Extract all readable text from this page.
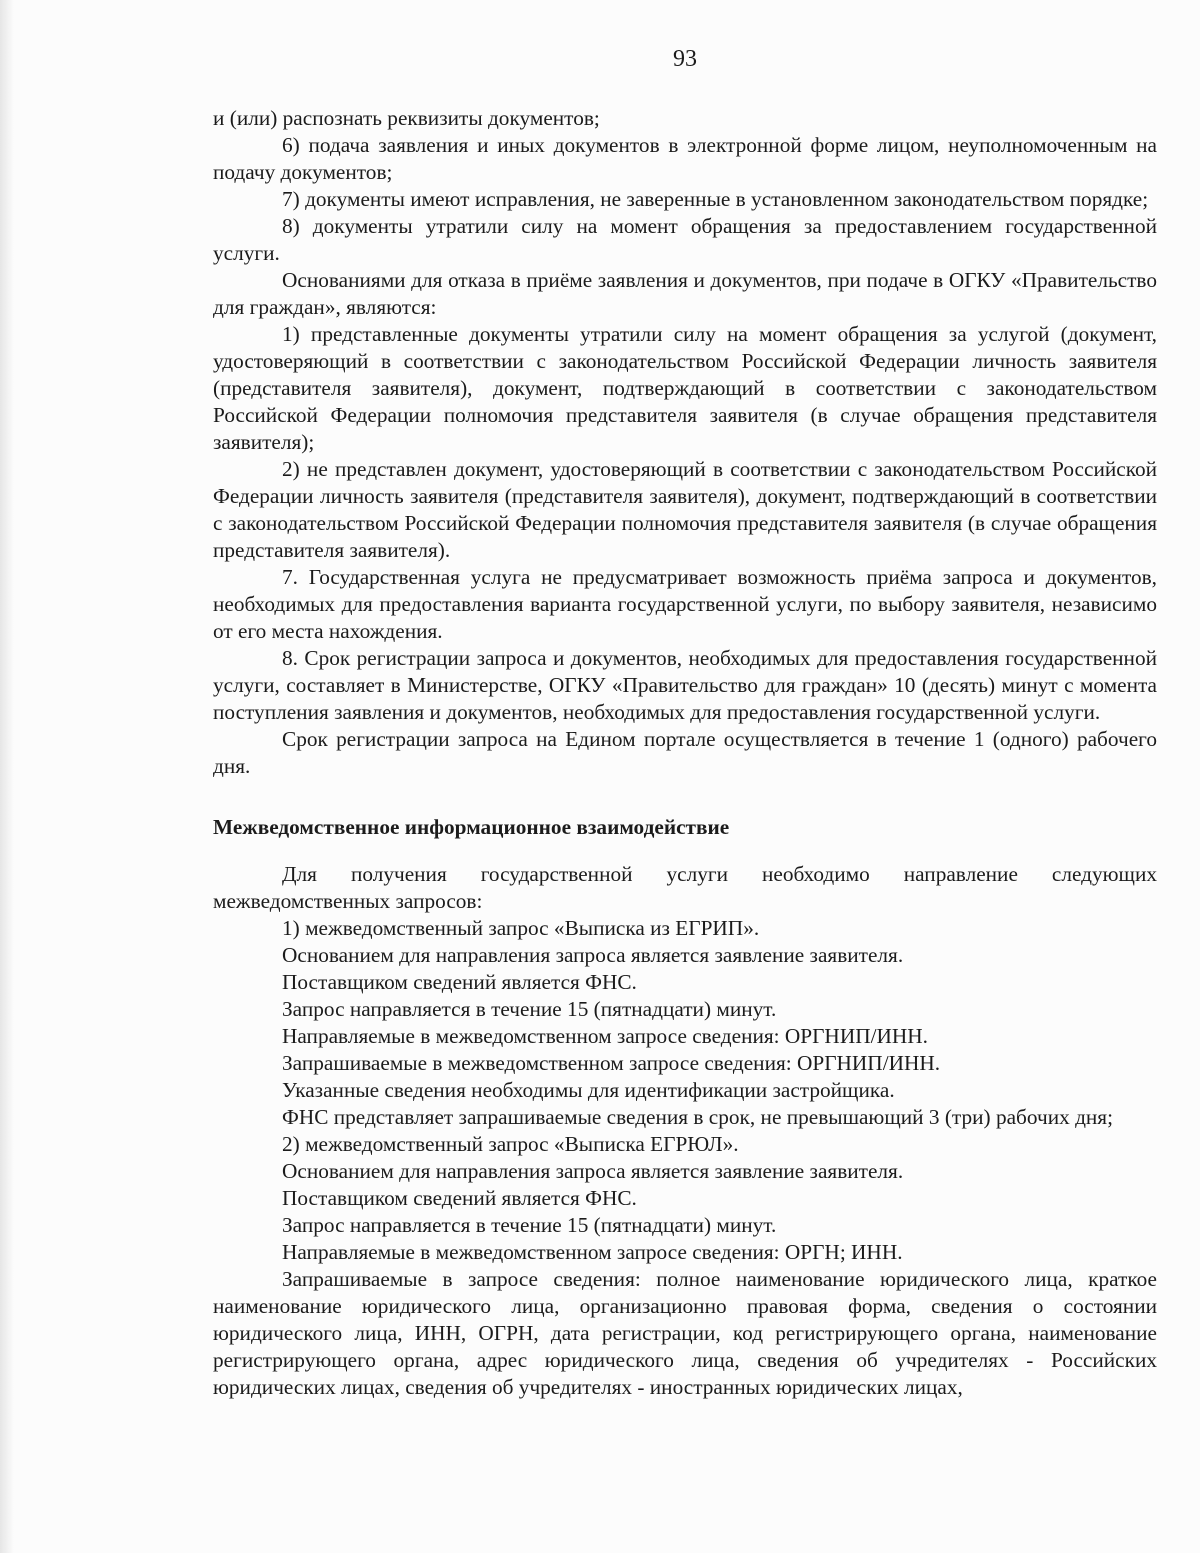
93

и (или) распознать реквизиты документов;

6) подача заявления и иных документов в электронной форме лицом, неуполномоченным на подачу документов;

7) документы имеют исправления, не заверенные в установленном законодательством порядке;

8) документы утратили силу на момент обращения за предоставлением государственной услуги.

Основаниями для отказа в приёме заявления и документов, при подаче в ОГКУ «Правительство для граждан», являются:

1) представленные документы утратили силу на момент обращения за услугой (документ, удостоверяющий в соответствии с законодательством Российской Федерации личность заявителя (представителя заявителя), документ, подтверждающий в соответствии с законодательством Российской Федерации полномочия представителя заявителя (в случае обращения представителя заявителя);

2) не представлен документ, удостоверяющий в соответствии с законодательством Российской Федерации личность заявителя (представителя заявителя), документ, подтверждающий в соответствии с законодательством Российской Федерации полномочия представителя заявителя (в случае обращения представителя заявителя).

7. Государственная услуга не предусматривает возможность приёма запроса и документов, необходимых для предоставления варианта государственной услуги, по выбору заявителя, независимо от его места нахождения.

8. Срок регистрации запроса и документов, необходимых для предоставления государственной услуги, составляет в Министерстве, ОГКУ «Правительство для граждан» 10 (десять) минут с момента поступления заявления и документов, необходимых для предоставления государственной услуги.

Срок регистрации запроса на Едином портале осуществляется в течение 1 (одного) рабочего дня.

Межведомственное информационное взаимодействие

Для получения государственной услуги необходимо направление следующих межведомственных запросов:

1) межведомственный запрос «Выписка из ЕГРИП».

Основанием для направления запроса является заявление заявителя.

Поставщиком сведений является ФНС.

Запрос направляется в течение 15 (пятнадцати) минут.

Направляемые в межведомственном запросе сведения: ОРГНИП/ИНН.

Запрашиваемые в межведомственном запросе сведения: ОРГНИП/ИНН.

Указанные сведения необходимы для идентификации застройщика.

ФНС представляет запрашиваемые сведения в срок, не превышающий 3 (три) рабочих дня;

2) межведомственный запрос «Выписка ЕГРЮЛ».

Основанием для направления запроса является заявление заявителя.

Поставщиком сведений является ФНС.

Запрос направляется в течение 15 (пятнадцати) минут.

Направляемые в межведомственном запросе сведения: ОРГН; ИНН.

Запрашиваемые в запросе сведения: полное наименование юридического лица, краткое наименование юридического лица, организационно правовая форма, сведения о состоянии юридического лица, ИНН, ОГРН, дата регистрации, код регистрирующего органа, наименование регистрирующего органа, адрес юридического лица, сведения об учредителях - Российских юридических лицах, сведения об учредителях - иностранных юридических лицах,
